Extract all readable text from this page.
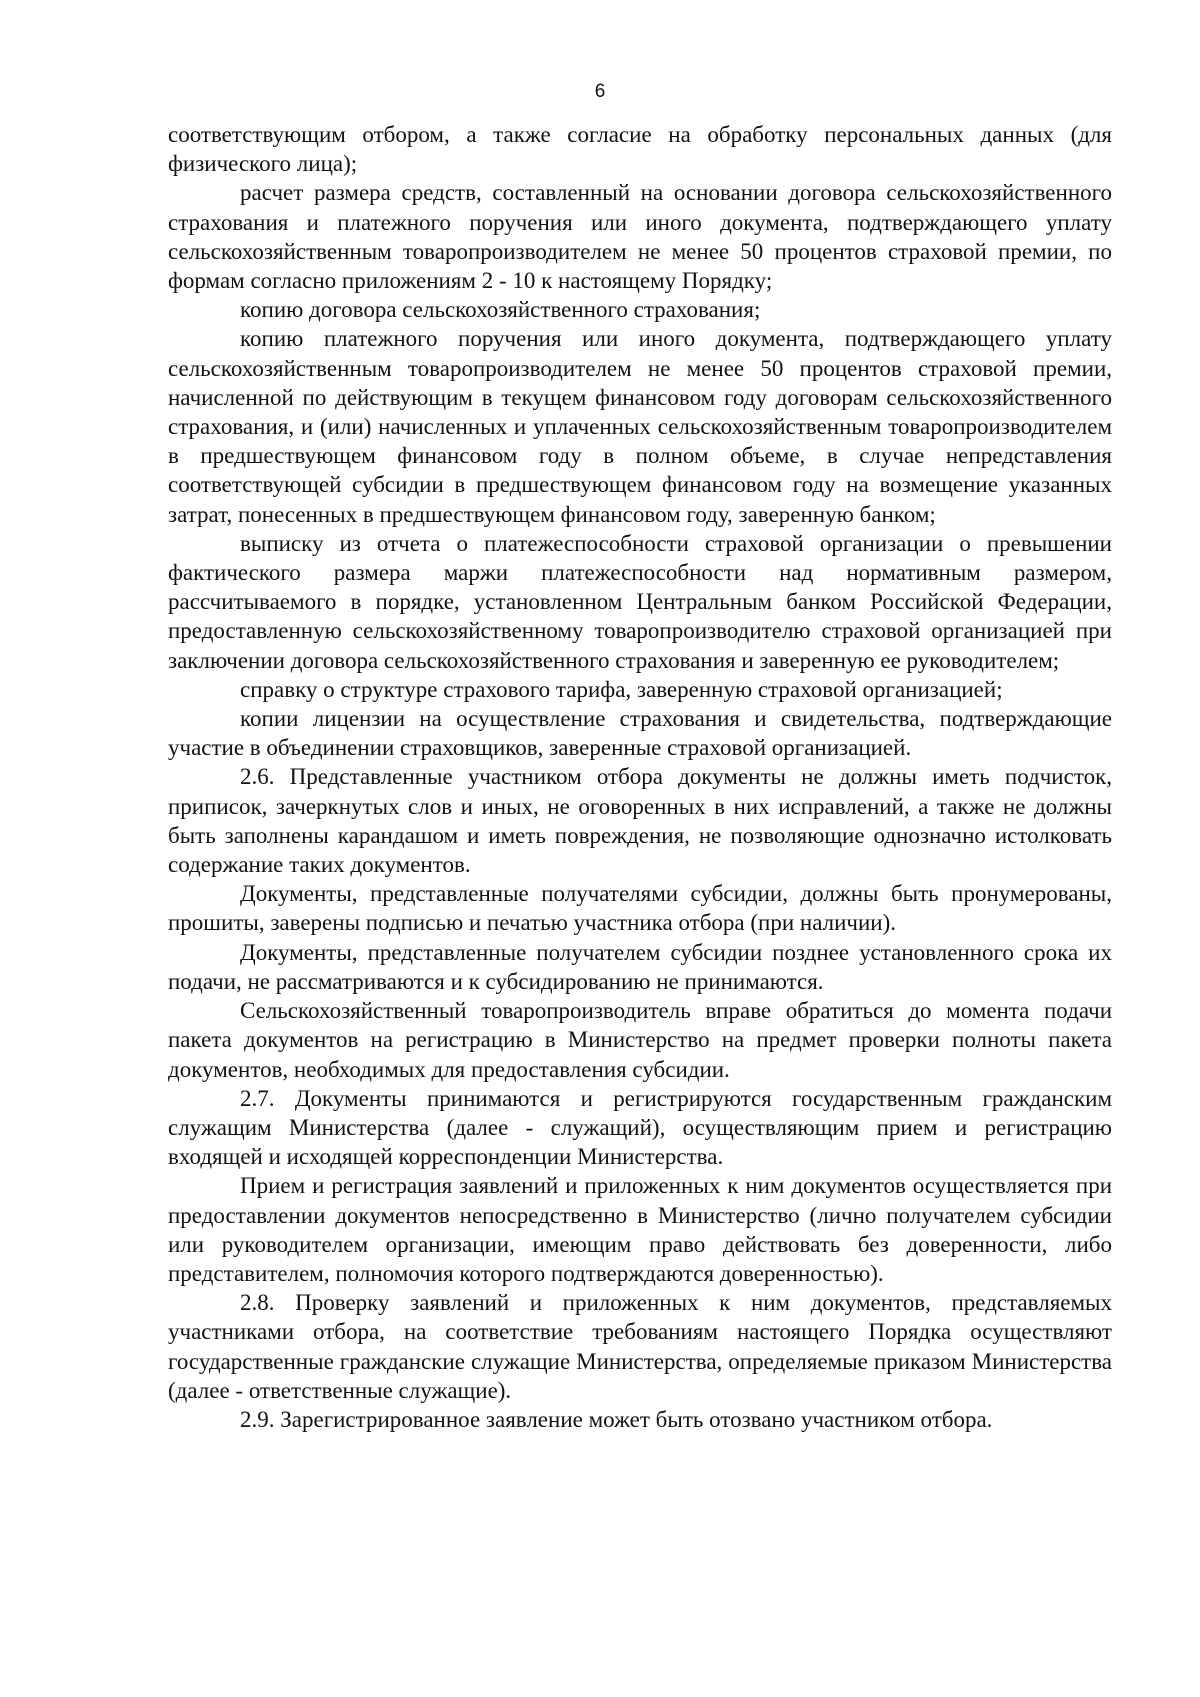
6

соответствующим отбором, а также согласие на обработку персональных данных (для физического лица);

расчет размера средств, составленный на основании договора сельскохозяйственного страхования и платежного поручения или иного документа, подтверждающего уплату сельскохозяйственным товаропроизводителем не менее 50 процентов страховой премии, по формам согласно приложениям 2 - 10 к настоящему Порядку;

копию договора сельскохозяйственного страхования;

копию платежного поручения или иного документа, подтверждающего уплату сельскохозяйственным товаропроизводителем не менее 50 процентов страховой премии, начисленной по действующим в текущем финансовом году договорам сельскохозяйственного страхования, и (или) начисленных и уплаченных сельскохозяйственным товаропроизводителем в предшествующем финансовом году в полном объеме, в случае непредставления соответствующей субсидии в предшествующем финансовом году на возмещение указанных затрат, понесенных в предшествующем финансовом году, заверенную банком;

выписку из отчета о платежеспособности страховой организации о превышении фактического размера маржи платежеспособности над нормативным размером, рассчитываемого в порядке, установленном Центральным банком Российской Федерации, предоставленную сельскохозяйственному товаропроизводителю страховой организацией при заключении договора сельскохозяйственного страхования и заверенную ее руководителем;

справку о структуре страхового тарифа, заверенную страховой организацией;

копии лицензии на осуществление страхования и свидетельства, подтверждающие участие в объединении страховщиков, заверенные страховой организацией.

2.6. Представленные участником отбора документы не должны иметь подчисток, приписок, зачеркнутых слов и иных, не оговоренных в них исправлений, а также не должны быть заполнены карандашом и иметь повреждения, не позволяющие однозначно истолковать содержание таких документов.

Документы, представленные получателями субсидии, должны быть пронумерованы, прошиты, заверены подписью и печатью участника отбора (при наличии).

Документы, представленные получателем субсидии позднее установленного срока их подачи, не рассматриваются и к субсидированию не принимаются.

Сельскохозяйственный товаропроизводитель вправе обратиться до момента подачи пакета документов на регистрацию в Министерство на предмет проверки полноты пакета документов, необходимых для предоставления субсидии.

2.7. Документы принимаются и регистрируются государственным гражданским служащим Министерства (далее - служащий), осуществляющим прием и регистрацию входящей и исходящей корреспонденции Министерства.

Прием и регистрация заявлений и приложенных к ним документов осуществляется при предоставлении документов непосредственно в Министерство (лично получателем субсидии или руководителем организации, имеющим право действовать без доверенности, либо представителем, полномочия которого подтверждаются доверенностью).

2.8. Проверку заявлений и приложенных к ним документов, представляемых участниками отбора, на соответствие требованиям настоящего Порядка осуществляют государственные гражданские служащие Министерства, определяемые приказом Министерства (далее - ответственные служащие).

2.9. Зарегистрированное заявление может быть отозвано участником отбора.
